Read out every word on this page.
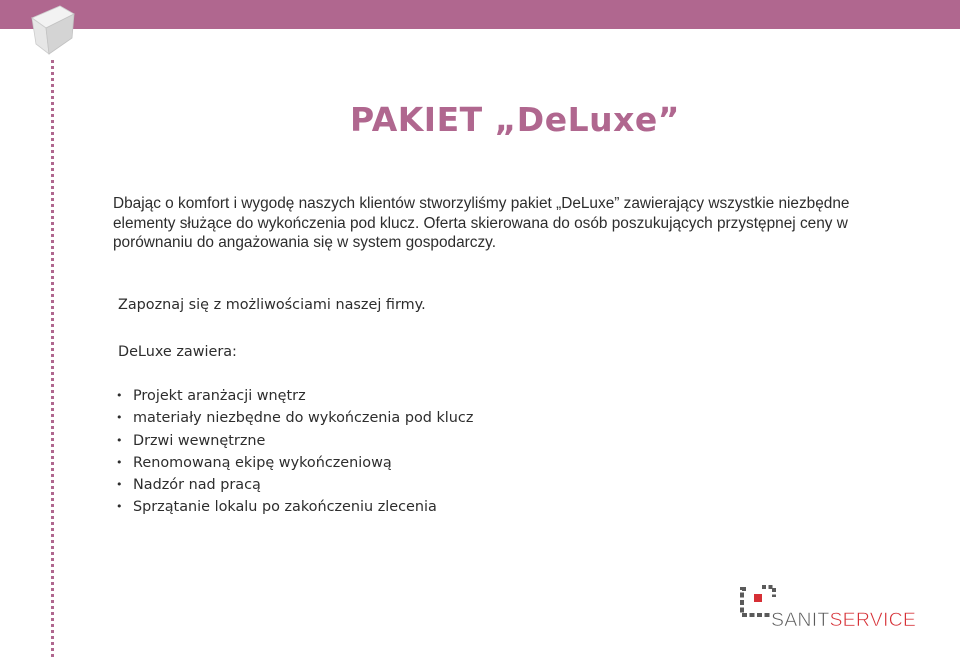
PAKIET „DeLuxe”

Dbając o komfort i wygodę naszych klientów stworzyliśmy pakiet „DeLuxe” zawierający wszystkie niezbędne elementy służące do wykończenia pod klucz. Oferta skierowana do osób poszukujących przystępnej ceny w porównaniu do angażowania się w system gospodarczy.

Zapoznaj się z możliwościami naszej firmy.

DeLuxe zawiera:

• Projekt aranżacji wnętrz
• materiały niezbędne do wykończenia pod klucz
• Drzwi wewnętrzne
• Renomowaną ekipę wykończeniową
• Nadzór nad pracą
• Sprzątanie lokalu po zakończeniu zlecenia
SANITSERVICE
